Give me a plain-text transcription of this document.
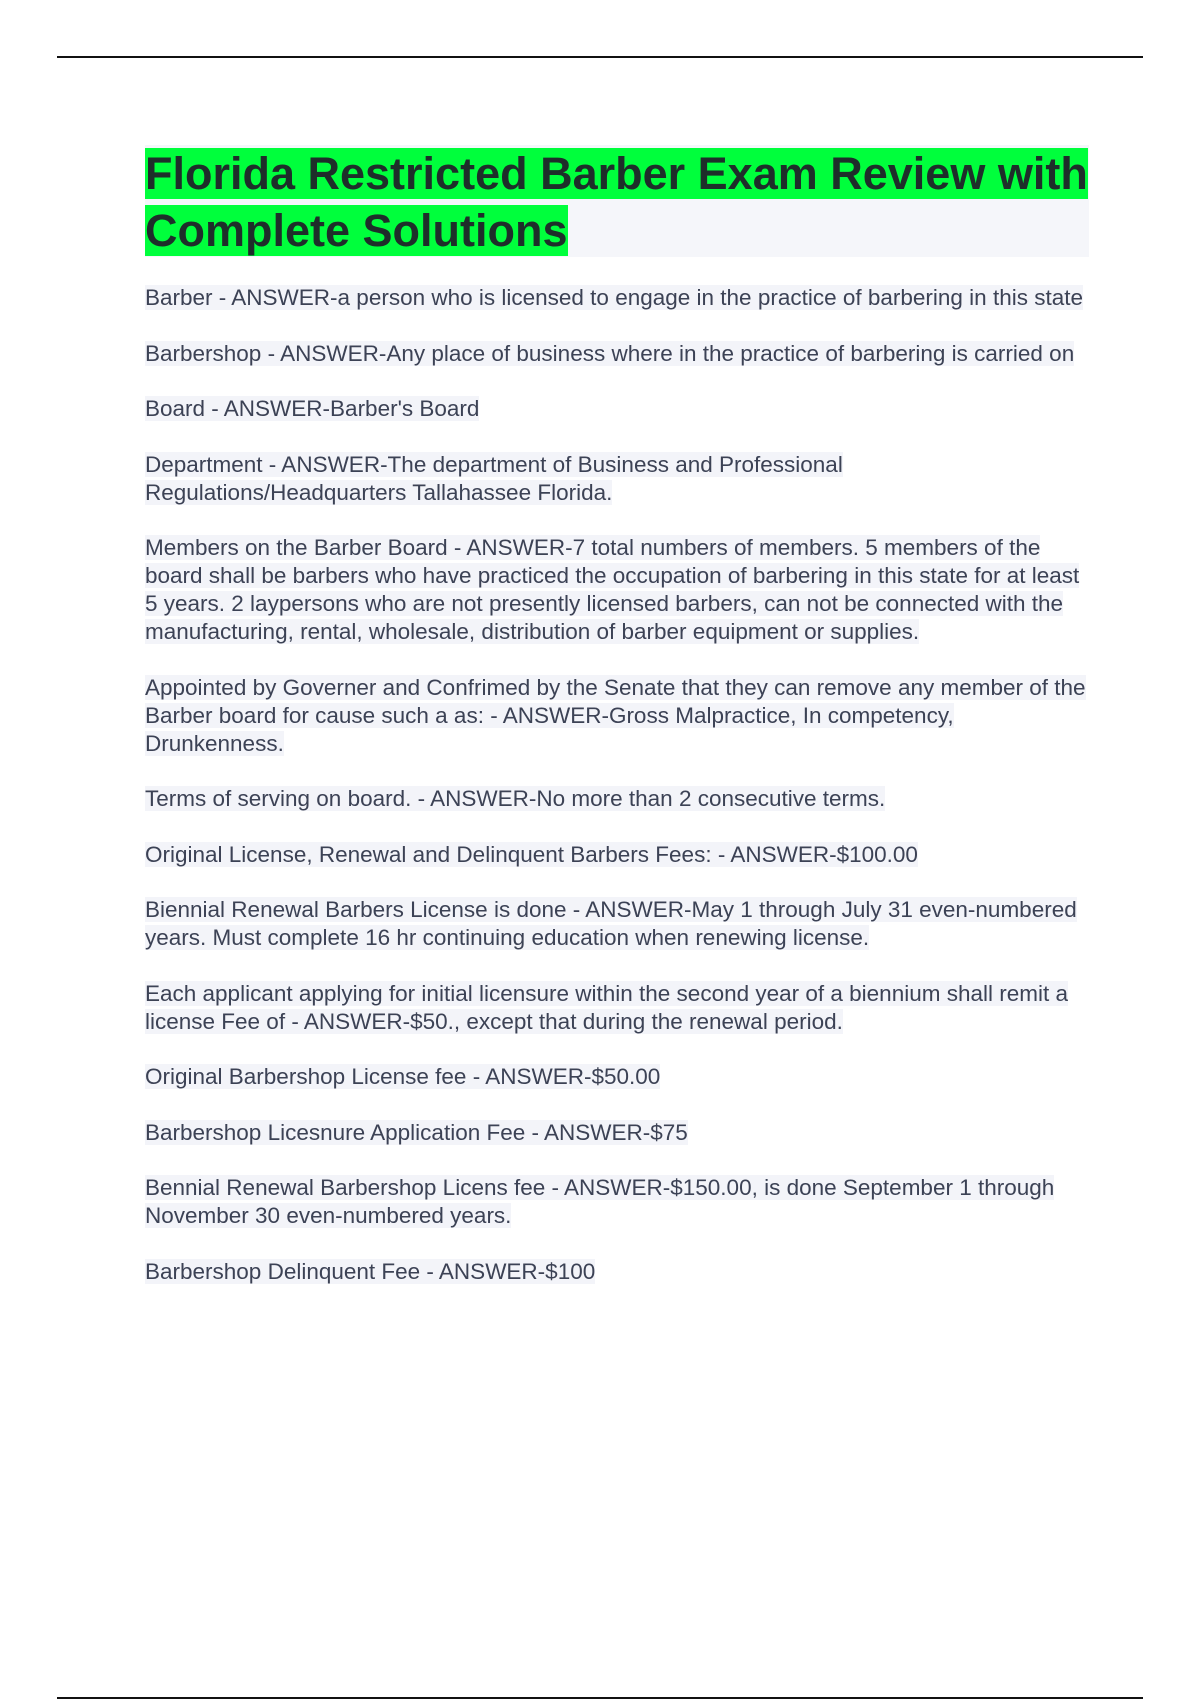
Florida Restricted Barber Exam Review with Complete Solutions

Barber - ANSWER-a person who is licensed to engage in the practice of barbering in this state

Barbershop - ANSWER-Any place of business where in the practice of barbering is carried on

Board - ANSWER-Barber's Board

Department - ANSWER-The department of Business and Professional Regulations/Headquarters Tallahassee Florida.

Members on the Barber Board - ANSWER-7 total numbers of members. 5 members of the board shall be barbers who have practiced the occupation of barbering in this state for at least 5 years. 2 laypersons who are not presently licensed barbers, can not be connected with the manufacturing, rental, wholesale, distribution of barber equipment or supplies.

Appointed by Governer and Confrimed by the Senate that they can remove any member of the Barber board for cause such a as: - ANSWER-Gross Malpractice, In competency, Drunkenness.

Terms of serving on board. - ANSWER-No more than 2 consecutive terms.

Original License, Renewal and Delinquent Barbers Fees: - ANSWER-$100.00

Biennial Renewal Barbers License is done - ANSWER-May 1 through July 31 even-numbered years. Must complete 16 hr continuing education when renewing license.

Each applicant applying for initial licensure within the second year of a biennium shall remit a license Fee of - ANSWER-$50., except that during the renewal period.

Original Barbershop License fee - ANSWER-$50.00

Barbershop Licesnure Application Fee - ANSWER-$75

Bennial Renewal Barbershop Licens fee - ANSWER-$150.00, is done September 1 through November 30 even-numbered years.

Barbershop Delinquent Fee - ANSWER-$100
